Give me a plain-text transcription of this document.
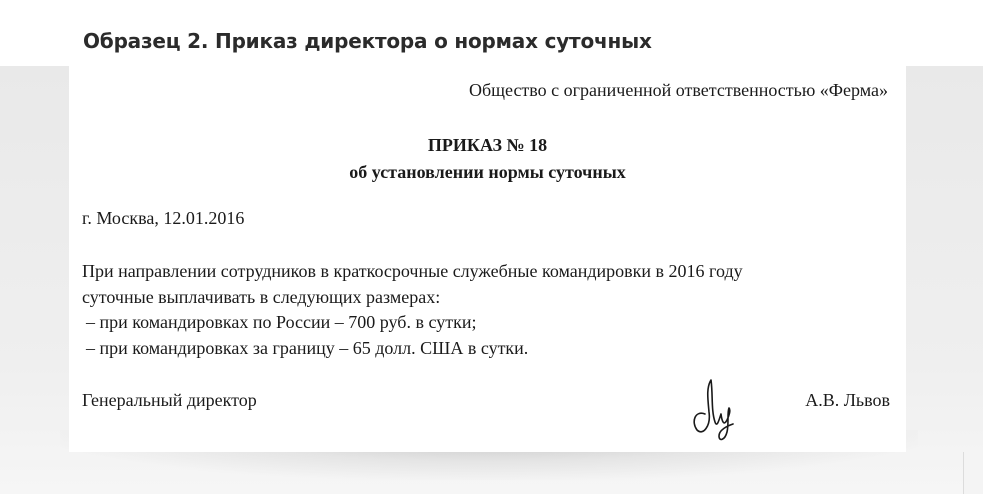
Образец 2. Приказ директора о нормах суточных
Общество с ограниченной ответственностью «Ферма»
ПРИКАЗ № 18
об установлении нормы суточных
г. Москва, 12.01.2016
При направлении сотрудников в краткосрочные служебные командировки в 2016 году
суточные выплачивать в следующих размерах:
– при командировках по России – 700 руб. в сутки;
– при командировках за границу – 65 долл. США в сутки.
Генеральный директор	А.В. Львов
